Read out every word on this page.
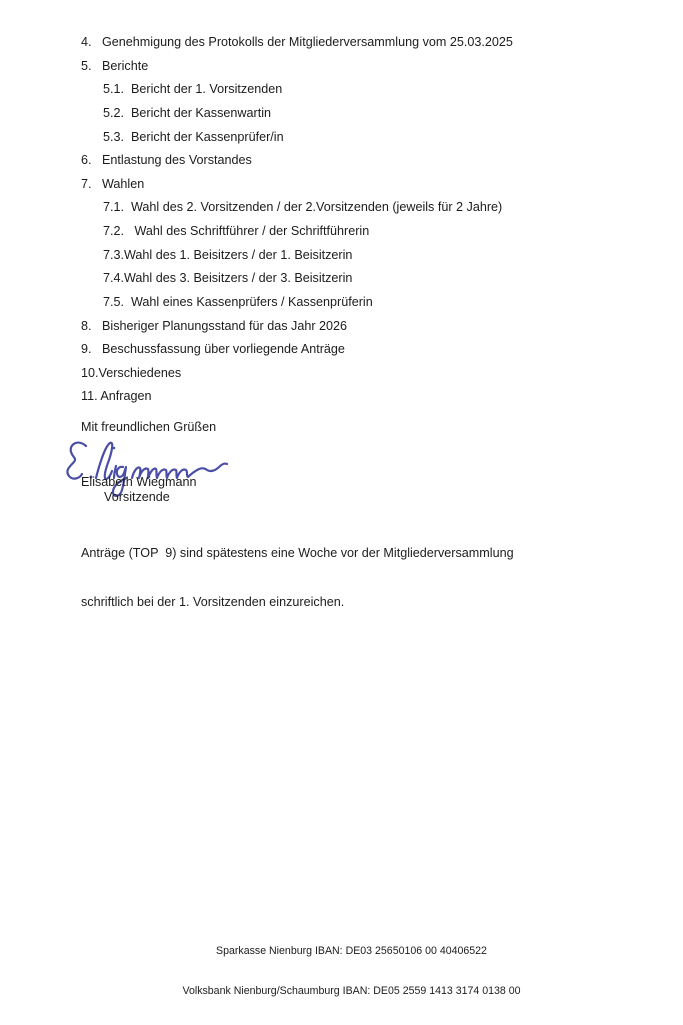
4.   Genehmigung des Protokolls der Mitgliederversammlung vom 25.03.2025
5.   Berichte
5.1.  Bericht der 1. Vorsitzenden
5.2.  Bericht der Kassenwartin
5.3.  Bericht der Kassenprüfer/in
6.   Entlastung des Vorstandes
7.   Wahlen
7.1.  Wahl des 2. Vorsitzenden / der 2.Vorsitzenden (jeweils für 2 Jahre)
7.2.   Wahl des Schriftführer / der Schriftführerin
7.3.Wahl des 1. Beisitzers / der 1. Beisitzerin
7.4.Wahl des 3. Beisitzers / der 3. Beisitzerin
7.5.  Wahl eines Kassenprüfers / Kassenprüferin
8.   Bisheriger Planungsstand für das Jahr 2026
9.   Beschussfassung über vorliegende Anträge
10.Verschiedenes
11. Anfragen
Mit freundlichen Grüßen
Elisabeth Wiegmann
Vorsitzende

Anträge (TOP  9) sind spätestens eine Woche vor der Mitgliederversammlung

schriftlich bei der 1. Vorsitzenden einzureichen.

Sparkasse Nienburg IBAN: DE03 25650106 00 40406522

Volksbank Nienburg/Schaumburg IBAN: DE05 2559 1413 3174 0138 00
